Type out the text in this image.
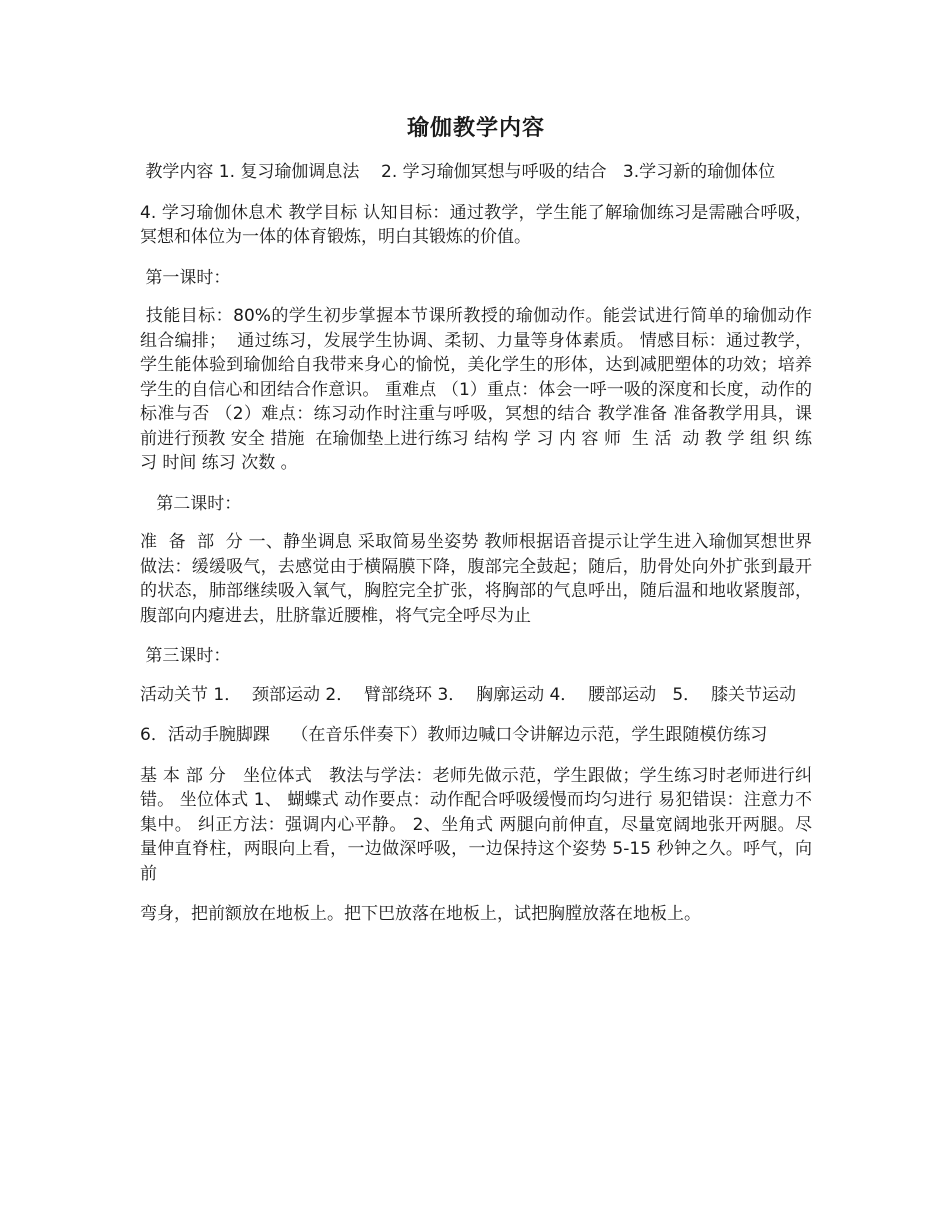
瑜伽教学内容

教学内容 1. 复习瑜伽调息法    2. 学习瑜伽冥想与呼吸的结合   3.学习新的瑜伽体位

4. 学习瑜伽休息术 教学目标 认知目标：通过教学，学生能了解瑜伽练习是需融合呼吸，冥想和体位为一体的体育锻炼，明白其锻炼的价值。

第一课时：

技能目标：80%的学生初步掌握本节课所教授的瑜伽动作。能尝试进行简单的瑜伽动作组合编排；  通过练习，发展学生协调、柔韧、力量等身体素质。 情感目标：通过教学，学生能体验到瑜伽给自我带来身心的愉悦，美化学生的形体，达到减肥塑体的功效；培养学生的自信心和团结合作意识。 重难点 （1）重点：体会一呼一吸的深度和长度，动作的标准与否 （2）难点：练习动作时注重与呼吸，冥想的结合 教学准备 准备教学用具，课前进行预教 安全 措施  在瑜伽垫上进行练习 结构 学 习 内 容 师  生 活  动 教 学 组 织 练习 时间 练习 次数 。

第二课时：

准  备  部  分 一、静坐调息 采取简易坐姿势 教师根据语音提示让学生进入瑜伽冥想世界 做法：缓缓吸气，去感觉由于横隔膜下降，腹部完全鼓起；随后，肋骨处向外扩张到最开的状态，肺部继续吸入氧气，胸腔完全扩张，将胸部的气息呼出，随后温和地收紧腹部，腹部向内瘪进去，肚脐靠近腰椎，将气完全呼尽为止

第三课时：

活动关节 1．  颈部运动 2．  臂部绕环 3．  胸廓运动 4．  腰部运动   5．  膝关节运动

6．活动手腕脚踝    （在音乐伴奏下）教师边喊口令讲解边示范，学生跟随模仿练习

基 本 部 分   坐位体式   教法与学法：老师先做示范，学生跟做；学生练习时老师进行纠错。 坐位体式 1、 蝴蝶式 动作要点：动作配合呼吸缓慢而均匀进行 易犯错误：注意力不集中。 纠正方法：强调内心平静。 2、坐角式 两腿向前伸直，尽量宽阔地张开两腿。尽量伸直脊柱，两眼向上看，一边做深呼吸，一边保持这个姿势 5-15 秒钟之久。呼气，向前

弯身，把前额放在地板上。把下巴放落在地板上，试把胸膛放落在地板上。
